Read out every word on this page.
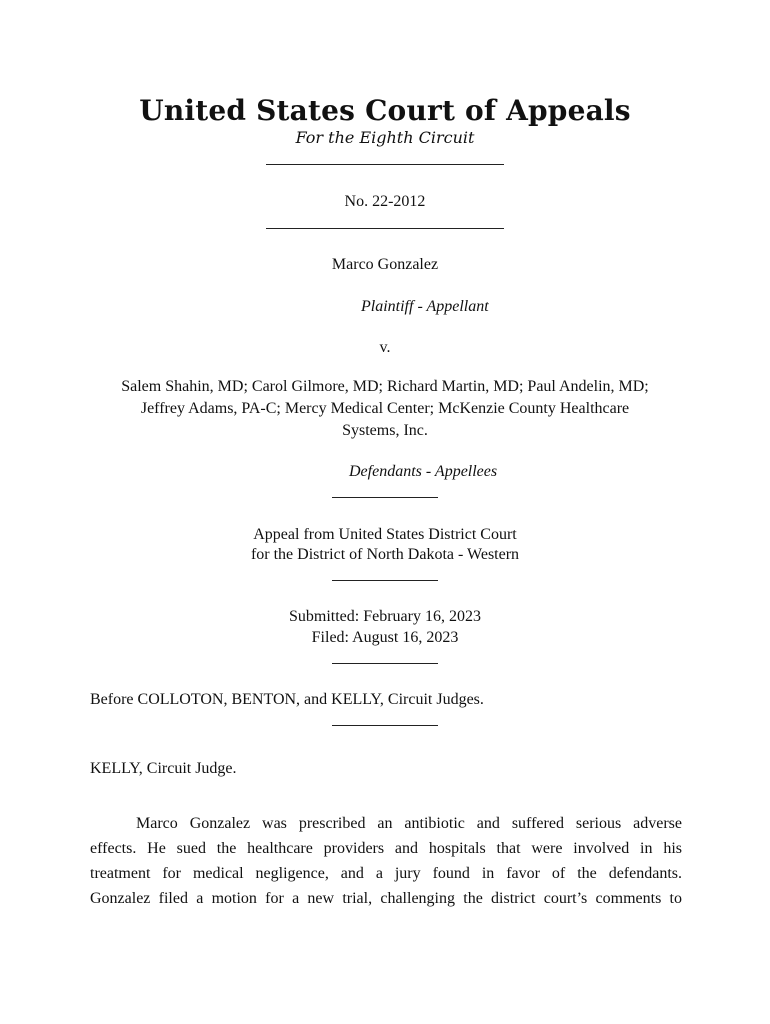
United States Court of Appeals
For the Eighth Circuit
No. 22-2012
Marco Gonzalez
Plaintiff - Appellant
v.
Salem Shahin, MD; Carol Gilmore, MD; Richard Martin, MD; Paul Andelin, MD;
Jeffrey Adams, PA-C; Mercy Medical Center; McKenzie County Healthcare
Systems, Inc.
Defendants - Appellees
Appeal from United States District Court
for the District of North Dakota - Western
Submitted: February 16, 2023
Filed: August 16, 2023
Before COLLOTON, BENTON, and KELLY, Circuit Judges.
KELLY, Circuit Judge.
Marco Gonzalez was prescribed an antibiotic and suffered serious adverse
effects. He sued the healthcare providers and hospitals that were involved in his
treatment for medical negligence, and a jury found in favor of the defendants.
Gonzalez filed a motion for a new trial, challenging the district court’s comments to
